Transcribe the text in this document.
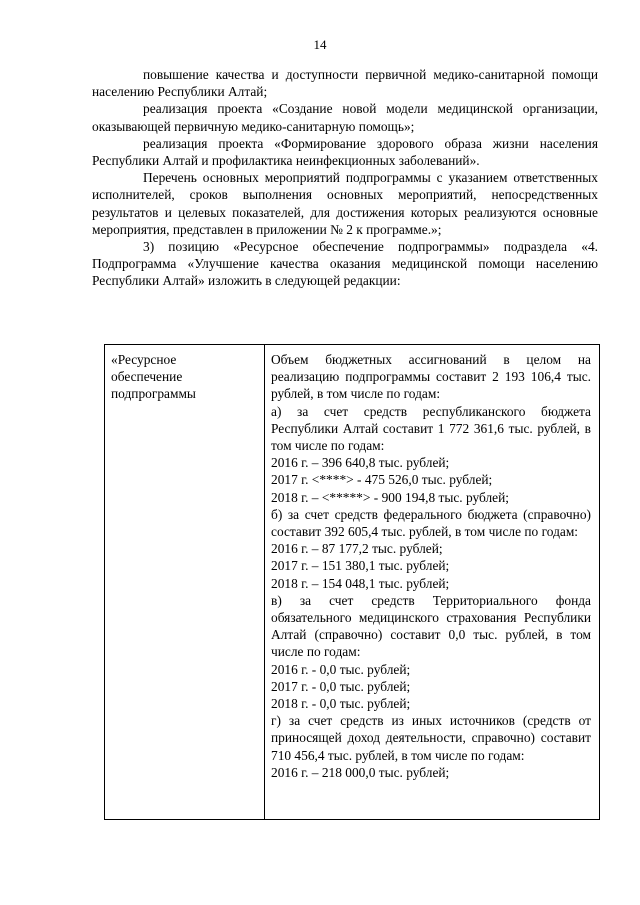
14

повышение качества и доступности первичной медико-санитарной помощи населению Республики Алтай;

реализация проекта «Создание новой модели медицинской организации, оказывающей первичную медико-санитарную помощь»;

реализация проекта «Формирование здорового образа жизни населения Республики Алтай и профилактика неинфекционных заболеваний».

Перечень основных мероприятий подпрограммы с указанием ответственных исполнителей, сроков выполнения основных мероприятий, непосредственных результатов и целевых показателей, для достижения которых реализуются основные мероприятия, представлен в приложении № 2 к программе.»;

3) позицию «Ресурсное обеспечение подпрограммы» подраздела «4. Подпрограмма «Улучшение качества оказания медицинской помощи населению Республики Алтай» изложить в следующей редакции:

«Ресурсное
обеспечение
подпрограммы
Объем бюджетных ассигнований в целом на реализацию подпрограммы составит 2 193 106,4 тыс. рублей, в том числе по годам:
а) за счет средств республиканского бюджета Республики Алтай составит 1 772 361,6 тыс. рублей, в том числе по годам:
2016 г. – 396 640,8 тыс. рублей;
2017 г. <****> - 475 526,0 тыс. рублей;
2018 г. – <*****> - 900 194,8 тыс. рублей;
б) за счет средств федерального бюджета (справочно) составит 392 605,4 тыс. рублей, в том числе по годам:
2016 г. – 87 177,2 тыс. рублей;
2017 г. – 151 380,1 тыс. рублей;
2018 г. – 154 048,1 тыс. рублей;
в) за счет средств Территориального фонда обязательного медицинского страхования Республики Алтай (справочно) составит 0,0 тыс. рублей, в том числе по годам:
2016 г. - 0,0 тыс. рублей;
2017 г. - 0,0 тыс. рублей;
2018 г. - 0,0 тыс. рублей;
г) за счет средств из иных источников (средств от приносящей доход деятельности, справочно) составит 710 456,4 тыс. рублей, в том числе по годам:
2016 г. – 218 000,0 тыс. рублей;
